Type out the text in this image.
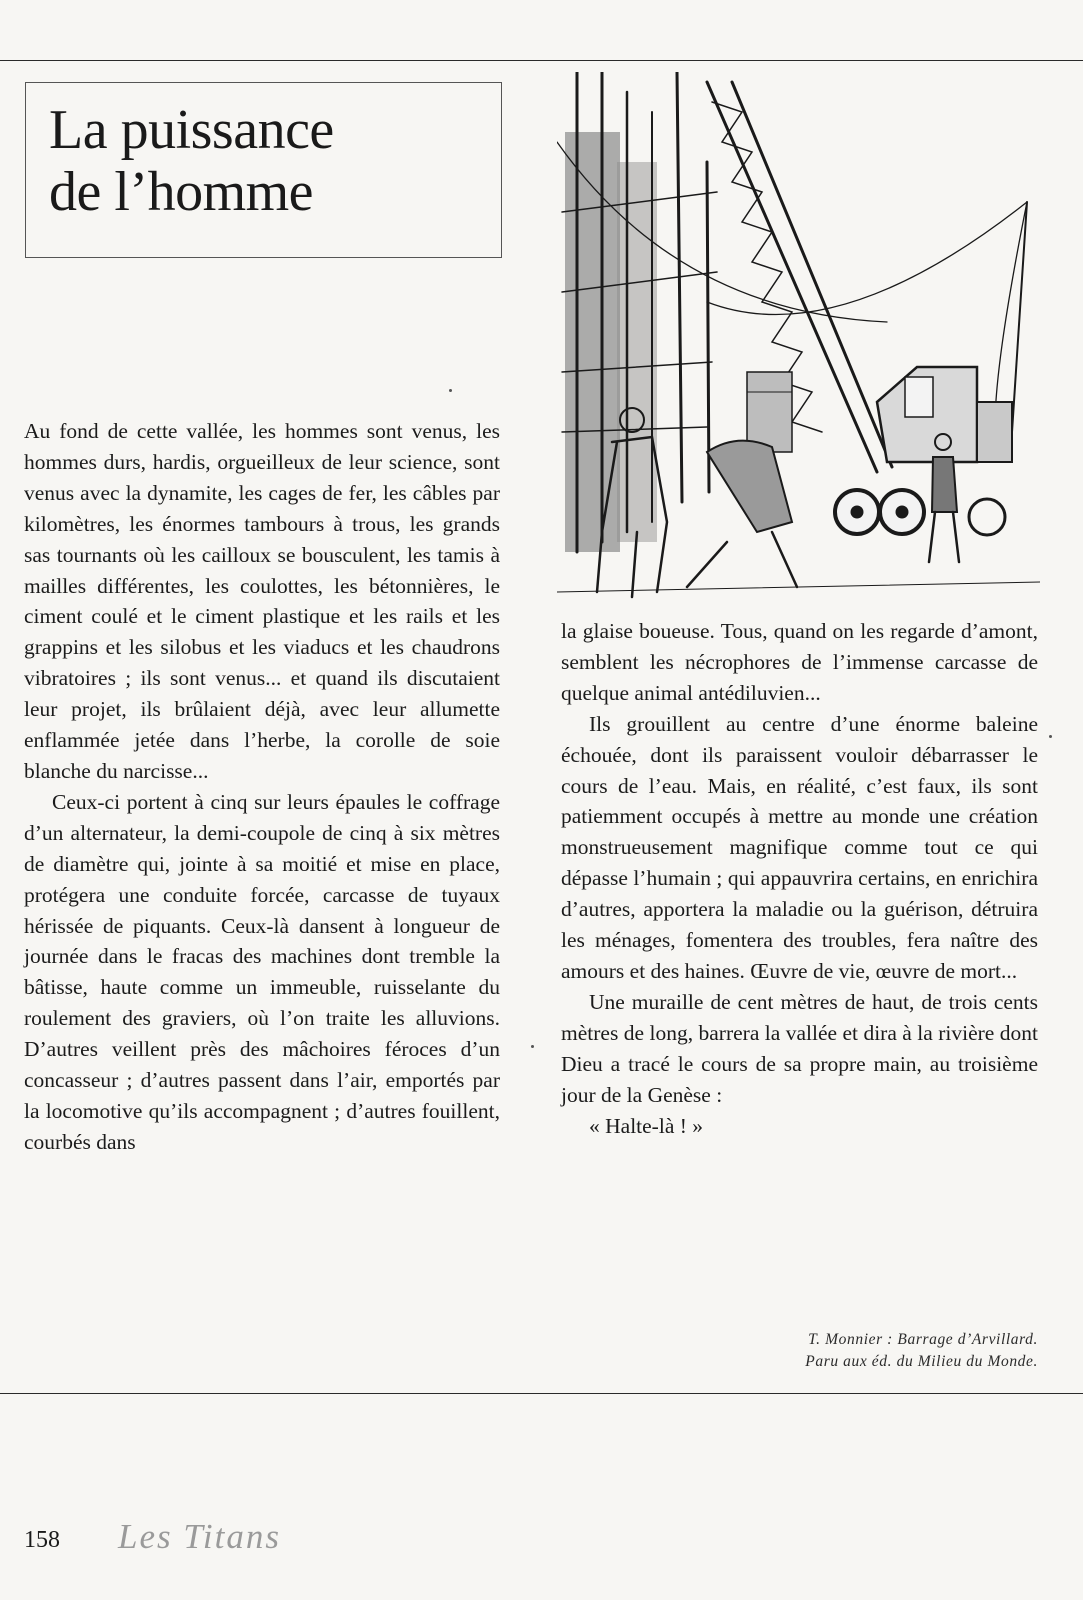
La puissance
de l’homme

Au fond de cette vallée, les hommes sont venus, les hommes durs, hardis, orgueilleux de leur science, sont venus avec la dynamite, les cages de fer, les câbles par kilomètres, les énormes tambours à trous, les grands sas tournants où les cailloux se bousculent, les tamis à mailles différentes, les coulottes, les bétonnières, le ciment coulé et le ciment plastique et les rails et les grappins et les silobus et les viaducs et les chaudrons vibratoires ; ils sont venus... et quand ils discutaient leur projet, ils brûlaient déjà, avec leur allumette enflammée jetée dans l’herbe, la corolle de soie blanche du narcisse...

Ceux-ci portent à cinq sur leurs épaules le coffrage d’un alternateur, la demi-coupole de cinq à six mètres de diamètre qui, jointe à sa moitié et mise en place, protégera une conduite forcée, carcasse de tuyaux hérissée de piquants. Ceux-là dansent à longueur de journée dans le fracas des machines dont tremble la bâtisse, haute comme un immeuble, ruisselante du roulement des graviers, où l’on traite les alluvions. D’autres veillent près des mâchoires féroces d’un concasseur ; d’autres passent dans l’air, emportés par la locomotive qu’ils accompagnent ; d’autres fouillent, courbés dans

la glaise boueuse. Tous, quand on les regarde d’amont, semblent les nécrophores de l’immense carcasse de quelque animal antédiluvien...

Ils grouillent au centre d’une énorme baleine échouée, dont ils paraissent vouloir débarrasser le cours de l’eau. Mais, en réalité, c’est faux, ils sont patiemment occupés à mettre au monde une création monstrueusement magnifique comme tout ce qui dépasse l’humain ; qui appauvrira certains, en enrichira d’autres, apportera la maladie ou la guérison, détruira les ménages, fomentera des troubles, fera naître des amours et des haines. Œuvre de vie, œuvre de mort...

Une muraille de cent mètres de haut, de trois cents mètres de long, barrera la vallée et dira à la rivière dont Dieu a tracé le cours de sa propre main, au troisième jour de la Genèse :

« Halte-là ! »

T. Monnier : Barrage d’Arvillard.
Paru aux éd. du Milieu du Monde.
158 Les Titans
